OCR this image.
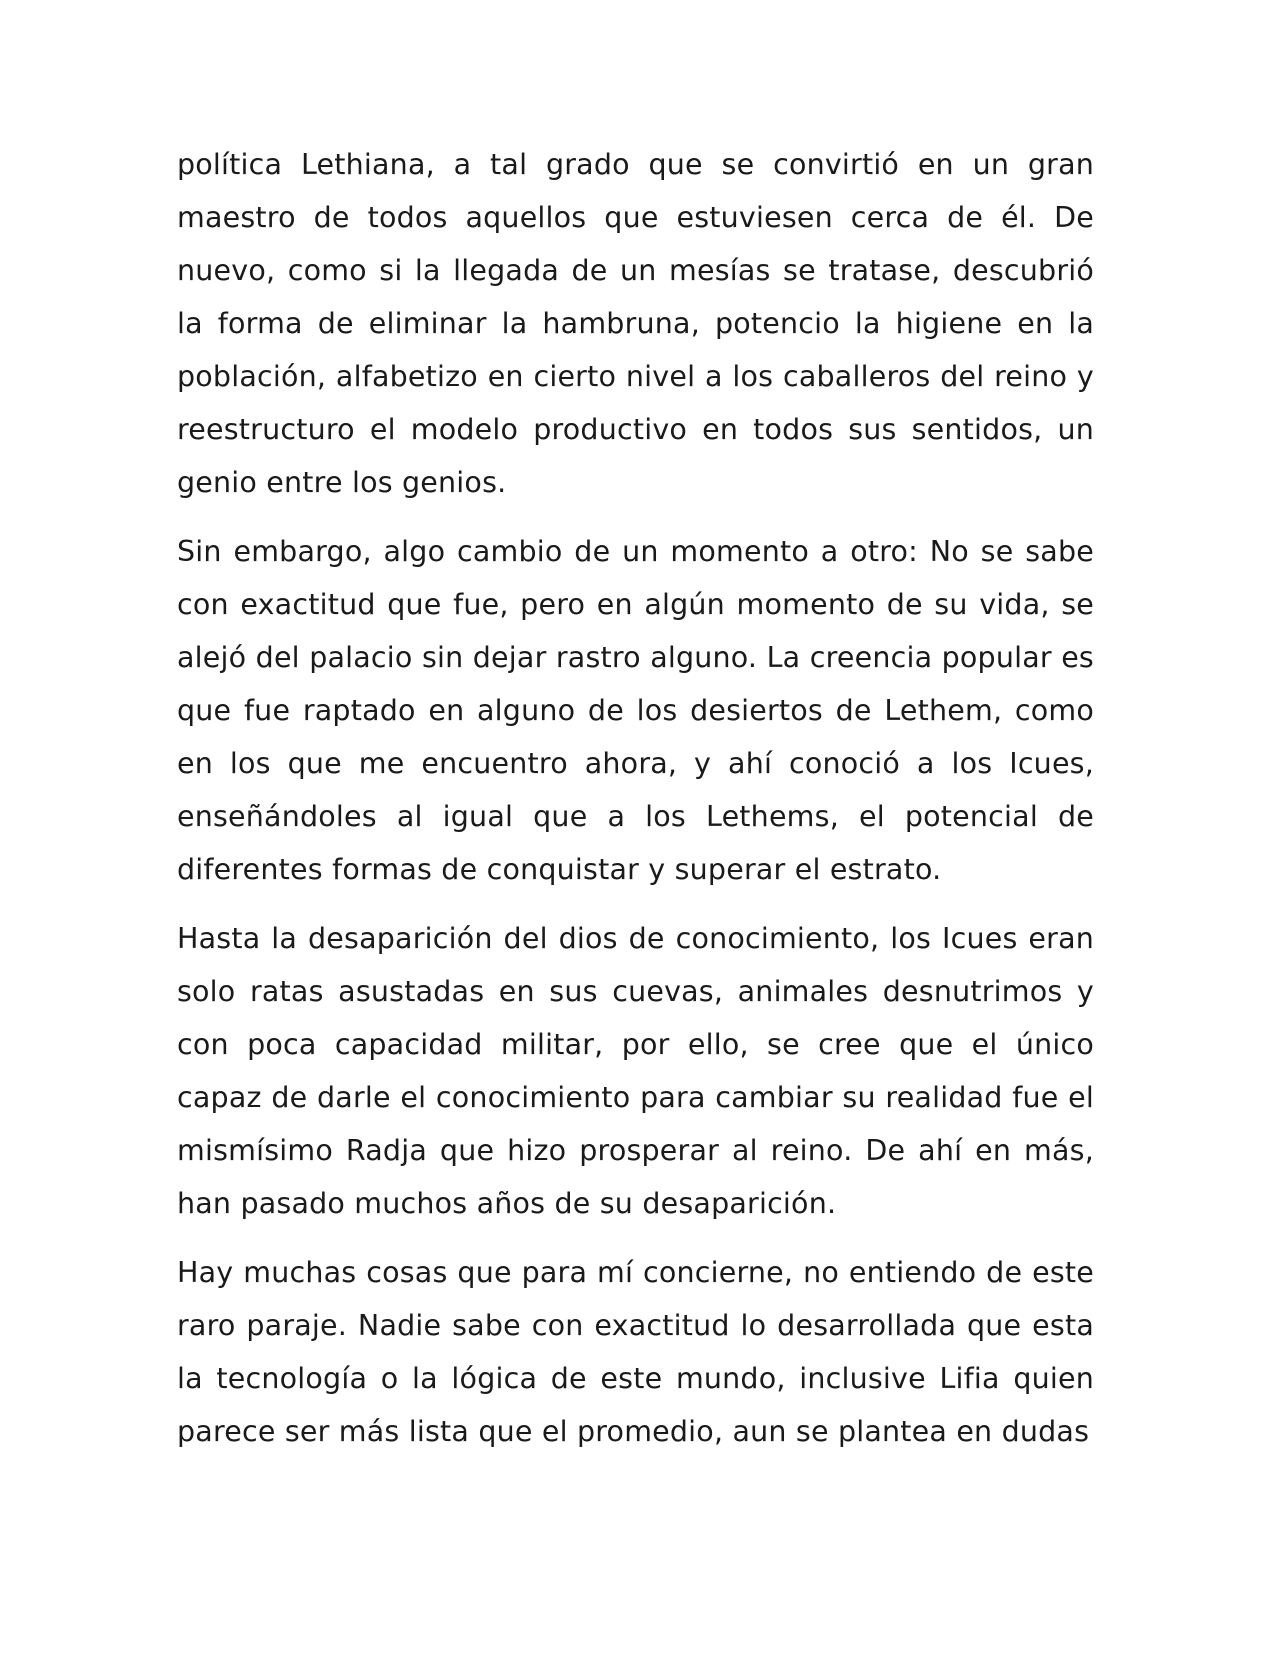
política Lethiana, a tal grado que se convirtió en un gran maestro de todos aquellos que estuviesen cerca de él. De nuevo, como si la llegada de un mesías se tratase, descubrió la forma de eliminar la hambruna, potencio la higiene en la población, alfabetizo en cierto nivel a los caballeros del reino y reestructuro el modelo productivo en todos sus sentidos, un genio entre los genios.

Sin embargo, algo cambio de un momento a otro: No se sabe con exactitud que fue, pero en algún momento de su vida, se alejó del palacio sin dejar rastro alguno. La creencia popular es que fue raptado en alguno de los desiertos de Lethem, como en los que me encuentro ahora, y ahí conoció a los Icues, enseñándoles al igual que a los Lethems, el potencial de diferentes formas de conquistar y superar el estrato.

Hasta la desaparición del dios de conocimiento, los Icues eran solo ratas asustadas en sus cuevas, animales desnutrimos y con poca capacidad militar, por ello, se cree que el único capaz de darle el conocimiento para cambiar su realidad fue el mismísimo Radja que hizo prosperar al reino. De ahí en más, han pasado muchos años de su desaparición.

Hay muchas cosas que para mí concierne, no entiendo de este raro paraje. Nadie sabe con exactitud lo desarrollada que esta la tecnología o la lógica de este mundo, inclusive Lifia quien parece ser más lista que el promedio, aun se plantea en dudas
